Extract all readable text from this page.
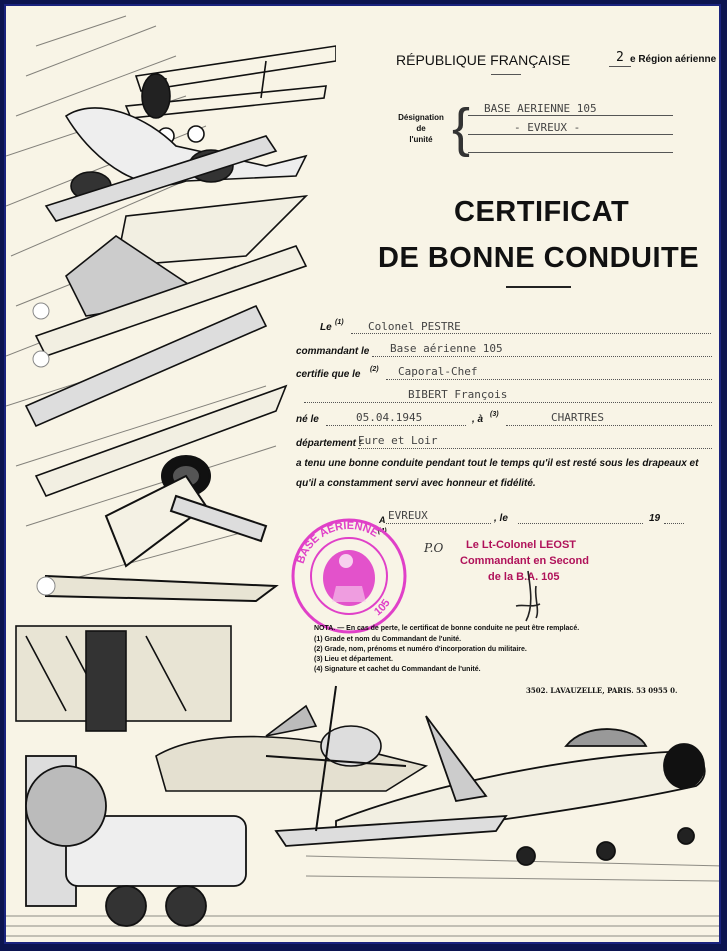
RÉPUBLIQUE FRANÇAISE	2 e Région aérienne
Désignation
de
l'unité { BASE AERIENNE 105
- EVREUX -
CERTIFICAT
DE BONNE CONDUITE
Le (1) Colonel PESTRE
commandant le Base aérienne 105
certifie que le (2) Caporal-Chef
BIBERT François
né le	05.04.1945	, à (3)	CHARTRES
département :
Eure et Loir
a tenu une bonne conduite pendant tout le temps qu'il est resté sous les drapeaux et
qu'il a constamment servi avec honneur et fidélité.
A EVREUX	, le	19
(4)
BASE AERIENNE
105
P.O Le Lt-Colonel LEOST
Commandant en Second
de la B.A. 105
NOTA. — En cas de perte, le certificat de bonne conduite ne peut être remplacé.
(1) Grade et nom du Commandant de l'unité.
(2) Grade, nom, prénoms et numéro d'incorporation du militaire.
(3) Lieu et département.
(4) Signature et cachet du Commandant de l'unité.
3502. LAVAUZELLE, PARIS. 53 0955 0.
